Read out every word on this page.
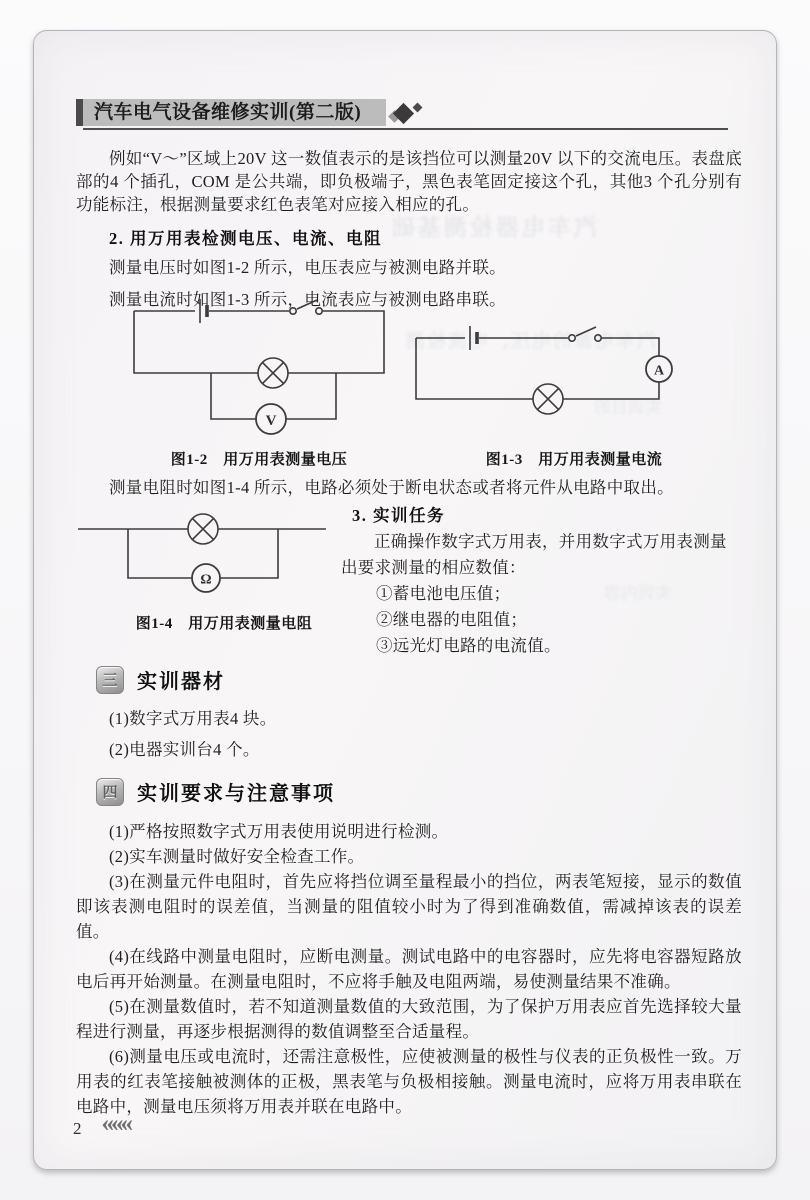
汽车电器检测基础
汽车电源的电压、电流检测
实训目的
实训内容
汽车电气设备维修实训(第二版)
例如“V～”区域上20V 这一数值表示的是该挡位可以测量20V 以下的交流电压。表盘底部的4 个插孔，COM 是公共端，即负极端子，黑色表笔固定接这个孔，其他3 个孔分别有功能标注，根据测量要求红色表笔对应接入相应的孔。
2. 用万用表检测电压、电流、电阻
测量电压时如图1-2 所示，电压表应与被测电路并联。
测量电流时如图1-3 所示，电流表应与被测电路串联。
V
图1-2　用万用表测量电压
A
图1-3　用万用表测量电流
测量电阻时如图1-4 所示，电路必须处于断电状态或者将元件从电路中取出。
Ω
图1-4　用万用表测量电阻
3. 实训任务
正确操作数字式万用表，并用数字式万用表测量
出要求测量的相应数值：
①蓄电池电压值；
②继电器的电阻值；
③远光灯电路的电流值。
三 实训器材
(1)数字式万用表4 块。
(2)电器实训台4 个。
四 实训要求与注意事项

(1)严格按照数字式万用表使用说明进行检测。

(2)实车测量时做好安全检查工作。

(3)在测量元件电阻时，首先应将挡位调至量程最小的挡位，两表笔短接，显示的数值即该表测电阻时的误差值，当测量的阻值较小时为了得到准确数值，需减掉该表的误差值。

(4)在线路中测量电阻时，应断电测量。测试电路中的电容器时，应先将电容器短路放电后再开始测量。在测量电阻时，不应将手触及电阻两端，易使测量结果不准确。

(5)在测量数值时，若不知道测量数值的大致范围，为了保护万用表应首先选择较大量程进行测量，再逐步根据测得的数值调整至合适量程。

(6)测量电压或电流时，还需注意极性，应使被测量的极性与仪表的正负极性一致。万用表的红表笔接触被测体的正极，黑表笔与负极相接触。测量电流时，应将万用表串联在电路中，测量电压须将万用表并联在电路中。

2 «««
